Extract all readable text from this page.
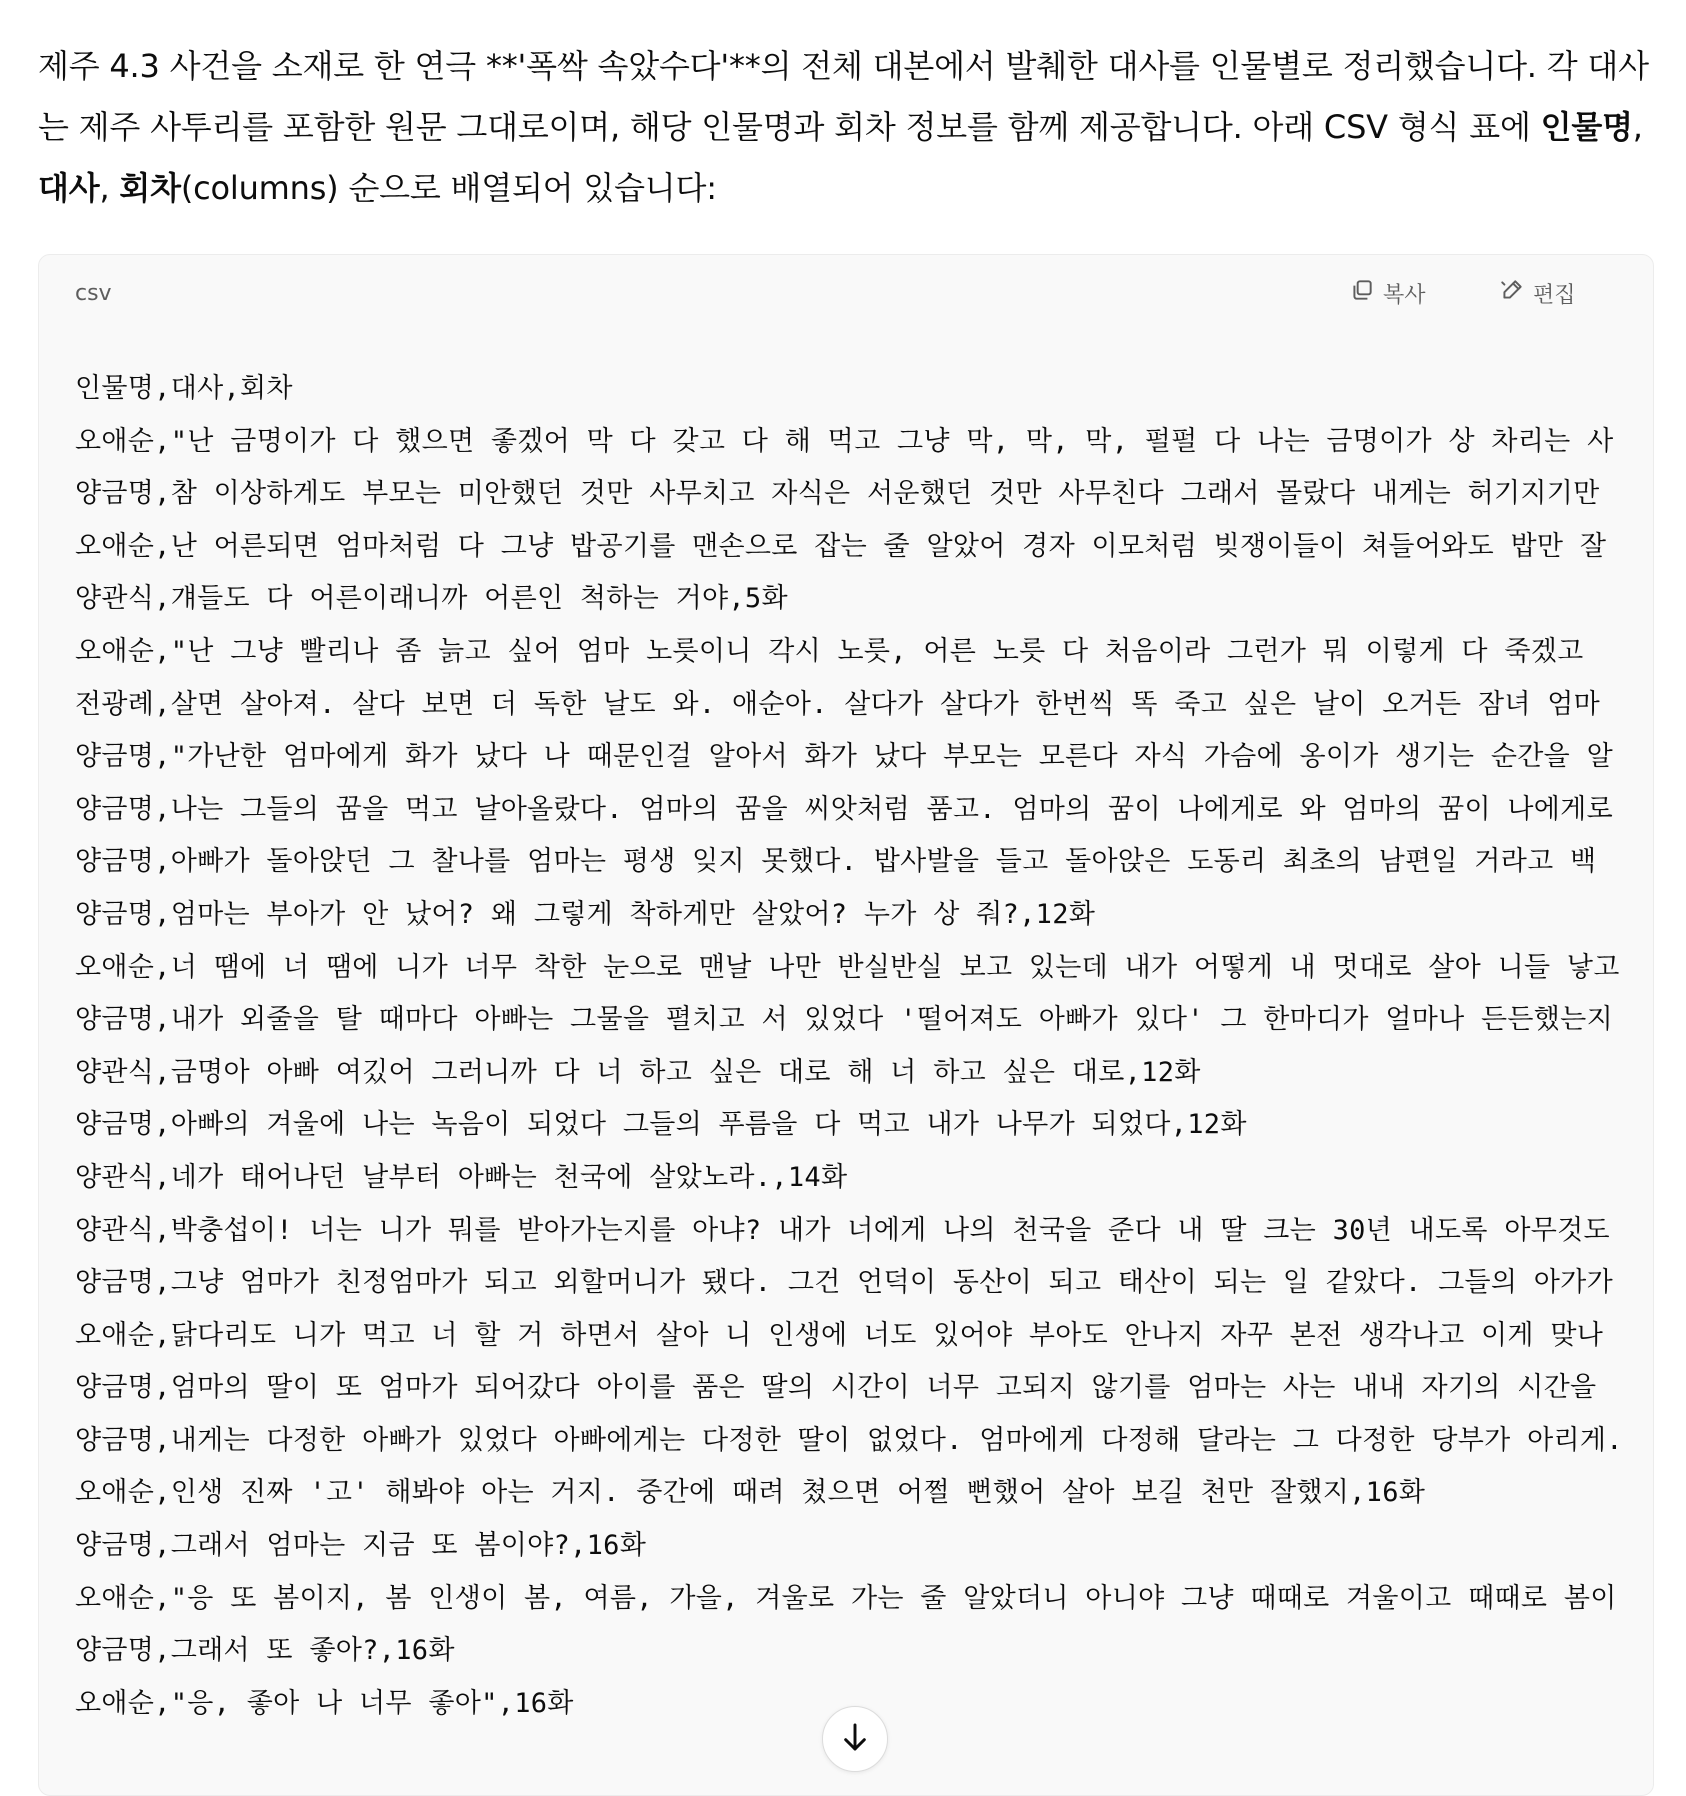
제주 4.3 사건을 소재로 한 연극 **'폭싹 속았수다'**의 전체 대본에서 발췌한 대사를 인물별로 정리했습니다. 각 대사는 제주 사투리를 포함한 원문 그대로이며, 해당 인물명과 회차 정보를 함께 제공합니다. 아래 CSV 형식 표에 인물명, 대사, 회차(columns) 순으로 배열되어 있습니다:
csv	복사	편집
인물명,대사,회차
오애순,"난 금명이가 다 했으면 좋겠어 막 다 갖고 다 해 먹고 그냥 막, 막, 막, 펄펄 다 나는 금명이가 상 차리는 사
양금명,참 이상하게도 부모는 미안했던 것만 사무치고 자식은 서운했던 것만 사무친다 그래서 몰랐다 내게는 허기지기만
오애순,난 어른되면 엄마처럼 다 그냥 밥공기를 맨손으로 잡는 줄 알았어 경자 이모처럼 빚쟁이들이 쳐들어와도 밥만 잘
양관식,걔들도 다 어른이래니까 어른인 척하는 거야,5화
오애순,"난 그냥 빨리나 좀 늙고 싶어 엄마 노릇이니 각시 노릇, 어른 노릇 다 처음이라 그런가 뭐 이렇게 다 죽겠고
전광례,살면 살아져. 살다 보면 더 독한 날도 와. 애순아. 살다가 살다가 한번씩 똑 죽고 싶은 날이 오거든 잠녀 엄마
양금명,"가난한 엄마에게 화가 났다 나 때문인걸 알아서 화가 났다 부모는 모른다 자식 가슴에 옹이가 생기는 순간을 알
양금명,나는 그들의 꿈을 먹고 날아올랐다. 엄마의 꿈을 씨앗처럼 품고. 엄마의 꿈이 나에게로 와 엄마의 꿈이 나에게로
양금명,아빠가 돌아앉던 그 찰나를 엄마는 평생 잊지 못했다. 밥사발을 들고 돌아앉은 도동리 최초의 남편일 거라고 백
양금명,엄마는 부아가 안 났어? 왜 그렇게 착하게만 살았어? 누가 상 줘?,12화
오애순,너 땜에 너 땜에 니가 너무 착한 눈으로 맨날 나만 반실반실 보고 있는데 내가 어떻게 내 멋대로 살아 니들 낳고
양금명,내가 외줄을 탈 때마다 아빠는 그물을 펼치고 서 있었다 '떨어져도 아빠가 있다' 그 한마디가 얼마나 든든했는지
양관식,금명아 아빠 여깄어 그러니까 다 너 하고 싶은 대로 해 너 하고 싶은 대로,12화
양금명,아빠의 겨울에 나는 녹음이 되었다 그들의 푸름을 다 먹고 내가 나무가 되었다,12화
양관식,네가 태어나던 날부터 아빠는 천국에 살았노라.,14화
양관식,박충섭이! 너는 니가 뭐를 받아가는지를 아냐? 내가 너에게 나의 천국을 준다 내 딸 크는 30년 내도록 아무것도
양금명,그냥 엄마가 친정엄마가 되고 외할머니가 됐다. 그건 언덕이 동산이 되고 태산이 되는 일 같았다. 그들의 아가가
오애순,닭다리도 니가 먹고 너 할 거 하면서 살아 니 인생에 너도 있어야 부아도 안나지 자꾸 본전 생각나고 이게 맞나
양금명,엄마의 딸이 또 엄마가 되어갔다 아이를 품은 딸의 시간이 너무 고되지 않기를 엄마는 사는 내내 자기의 시간을
양금명,내게는 다정한 아빠가 있었다 아빠에게는 다정한 딸이 없었다. 엄마에게 다정해 달라는 그 다정한 당부가 아리게.
오애순,인생 진짜 '고' 해봐야 아는 거지. 중간에 때려 쳤으면 어쩔 뻔했어 살아 보길 천만 잘했지,16화
양금명,그래서 엄마는 지금 또 봄이야?,16화
오애순,"응 또 봄이지, 봄 인생이 봄, 여름, 가을, 겨울로 가는 줄 알았더니 아니야 그냥 때때로 겨울이고 때때로 봄이
양금명,그래서 또 좋아?,16화
오애순,"응, 좋아 나 너무 좋아",16화
